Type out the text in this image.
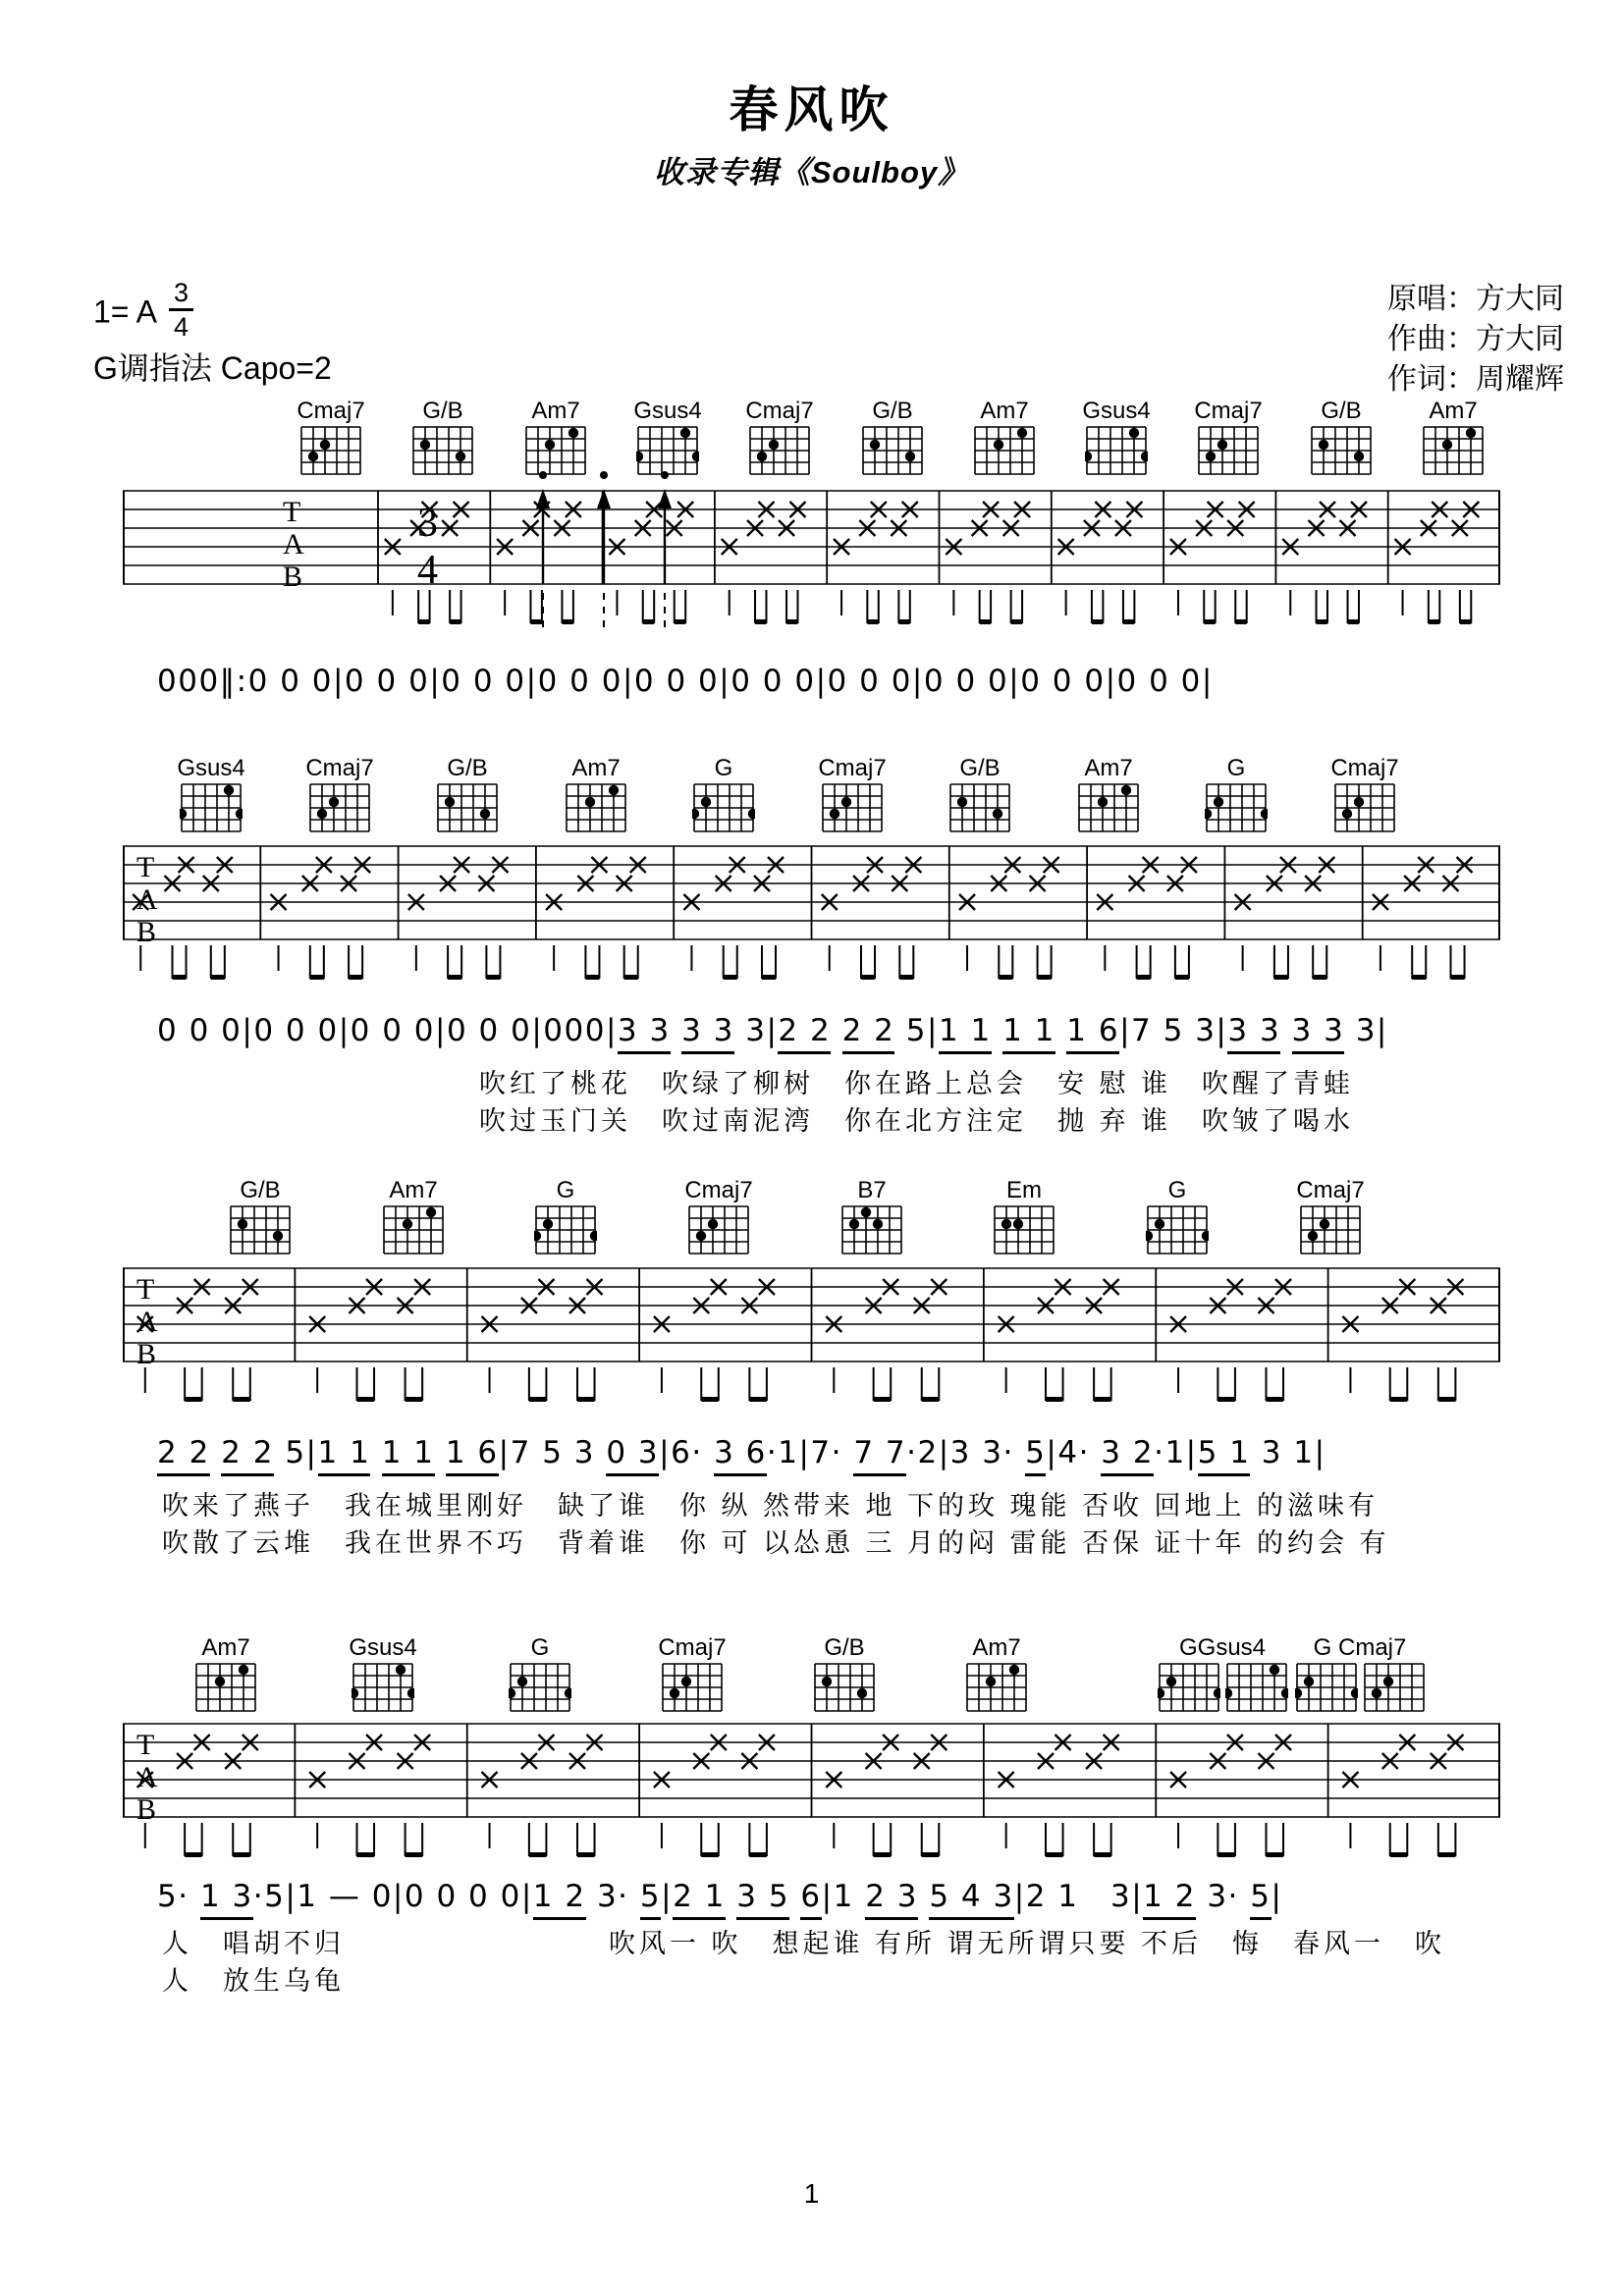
春风吹
收录专辑《Soulboy》
1= A $\frac{3}{4}$
G调指法 Capo=2
原唱：方大同
作曲：方大同
作词：周耀辉
Cmaj7	G/B	Am7	Gsus4 Cmaj7	G/B	Am7	Gsus4 Cmaj7	G/B	Am7
T
A
B
3
4
000‖:0 0 0|0 0 0|0 0 0|0 0 0|0 0 0|0 0 0|0 0 0|0 0 0|0 0 0|0 0 0|
Gsus4	Cmaj7	G/B	Am7	G	Cmaj7	G/B	Am7	G	Cmaj7
T
A
B
0 0 0|0 0 0|0 0 0|0 0 0|000|3 3 3 3 3|2 2 2 2 5|1 1 1 1 1 6|7 5 3|3 3 3 3 3|
吹红了桃花　吹绿了柳树　你在路上总会　安 慰 谁　吹醒了青蛙
吹过玉门关　吹过南泥湾　你在北方注定　抛 弃 谁　吹皱了喝水
G/B	Am7	G	Cmaj7	B7	Em	G	Cmaj7
T
A
B
2 2 2 2 5|1 1 1 1 1 6|7 5 3 0 3|6· 3 6·1|7· 7 7·2|3 3· 5|4· 3 2·1|5 1 3 1|
吹来了燕子　我在城里刚好　缺了谁　你 纵 然带来 地 下的玫 瑰能 否收 回地上 的滋味有
吹散了云堆　我在世界不巧　背着谁　你 可 以怂恿 三 月的闷 雷能 否保 证十年 的约会 有
Am7	Gsus4	G	Cmaj7	G/B	Am7	GGsus4	G Cmaj7
T
A
B
5· 1 3·5|1 — 0|0 0 0 0|1 2 3· 5|2 1 3 5 6|1 2 3 5 4 3|2 1　3|1 2 3· 5|
人　唱胡不归	吹风一 吹　想起谁 有所 谓无所谓只要 不后　悔　春风一　吹
人　放生乌龟
1
